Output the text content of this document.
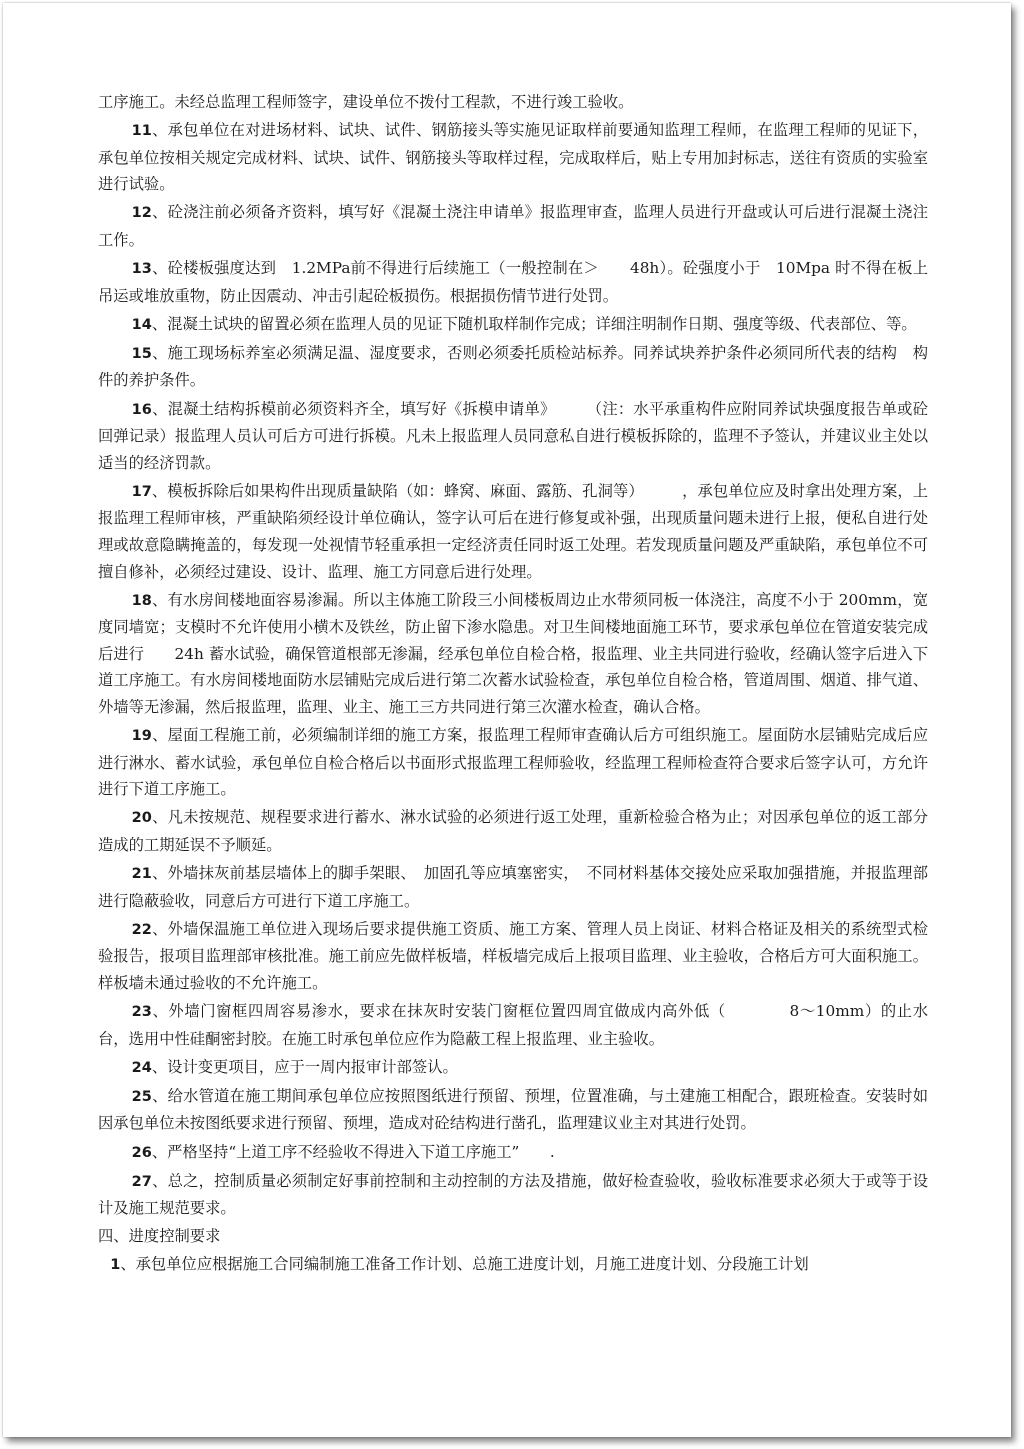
工序施工。未经总监理工程师签字，建设单位不拨付工程款，不进行竣工验收。

11、承包单位在对进场材料、试块、试件、钢筋接头等实施见证取样前要通知监理工程师，在监理工程师的见证下，承包单位按相关规定完成材料、试块、试件、钢筋接头等取样过程，完成取样后，贴上专用加封标志，送往有资质的实验室进行试验。

12、砼浇注前必须备齐资料，填写好《混凝土浇注申请单》报监理审查，监理人员进行开盘或认可后进行混凝土浇注工作。

13、砼楼板强度达到　1.2MPa前不得进行后续施工（一般控制在＞　　48h）。砼强度小于　10Mpa 时不得在板上吊运或堆放重物，防止因震动、冲击引起砼板损伤。根据损伤情节进行处罚。

14、混凝土试块的留置必须在监理人员的见证下随机取样制作完成；详细注明制作日期、强度等级、代表部位、等。

15、施工现场标养室必须满足温、湿度要求，否则必须委托质检站标养。同养试块养护条件必须同所代表的结构　构件的养护条件。

16、混凝土结构拆模前必须资料齐全，填写好《拆模申请单》　　　（注：水平承重构件应附同养试块强度报告单或砼回弹记录）报监理人员认可后方可进行拆模。凡未上报监理人员同意私自进行模板拆除的，监理不予签认，并建议业主处以适当的经济罚款。

17、模板拆除后如果构件出现质量缺陷（如：蜂窝、麻面、露筋、孔洞等）　　　，承包单位应及时拿出处理方案，上报监理工程师审核，严重缺陷须经设计单位确认，签字认可后在进行修复或补强，出现质量问题未进行上报，便私自进行处理或故意隐瞒掩盖的，每发现一处视情节轻重承担一定经济责任同时返工处理。若发现质量问题及严重缺陷，承包单位不可擅自修补，必须经过建设、设计、监理、施工方同意后进行处理。

18、有水房间楼地面容易渗漏。所以主体施工阶段三小间楼板周边止水带须同板一体浇注，高度不小于 200mm，宽度同墙宽；支模时不允许使用小横木及铁丝，防止留下渗水隐患。对卫生间楼地面施工环节，要求承包单位在管道安装完成后进行　　24h 蓄水试验，确保管道根部无渗漏，经承包单位自检合格，报监理、业主共同进行验收，经确认签字后进入下道工序施工。有水房间楼地面防水层铺贴完成后进行第二次蓄水试验检查，承包单位自检合格，管道周围、烟道、排气道、外墙等无渗漏，然后报监理，监理、业主、施工三方共同进行第三次灌水检查，确认合格。

19、屋面工程施工前，必须编制详细的施工方案，报监理工程师审查确认后方可组织施工。屋面防水层铺贴完成后应进行淋水、蓄水试验，承包单位自检合格后以书面形式报监理工程师验收，经监理工程师检查符合要求后签字认可，方允许进行下道工序施工。

20、凡未按规范、规程要求进行蓄水、淋水试验的必须进行返工处理，重新检验合格为止；对因承包单位的返工部分造成的工期延误不予顺延。

21、外墙抹灰前基层墙体上的脚手架眼、　加固孔等应填塞密实，　不同材料基体交接处应采取加强措施，并报监理部进行隐蔽验收，同意后方可进行下道工序施工。

22、外墙保温施工单位进入现场后要求提供施工资质、施工方案、管理人员上岗证、材料合格证及相关的系统型式检验报告，报项目监理部审核批准。施工前应先做样板墙，样板墙完成后上报项目监理、业主验收，合格后方可大面积施工。样板墙未通过验收的不允许施工。

23、外墙门窗框四周容易渗水，要求在抹灰时安装门窗框位置四周宜做成内高外低（　　　　8～10mm）的止水台，选用中性硅酮密封胶。在施工时承包单位应作为隐蔽工程上报监理、业主验收。

24、设计变更项目，应于一周内报审计部签认。

25、给水管道在施工期间承包单位应按照图纸进行预留、预埋，位置准确，与土建施工相配合，跟班检查。安装时如因承包单位未按图纸要求进行预留、预埋，造成对砼结构进行凿孔，监理建议业主对其进行处罚。

26、严格坚持“上道工序不经验收不得进入下道工序施工”　　.

27、总之，控制质量必须制定好事前控制和主动控制的方法及措施，做好检查验收，验收标准要求必须大于或等于设计及施工规范要求。

四、进度控制要求

1、承包单位应根据施工合同编制施工准备工作计划、总施工进度计划，月施工进度计划、分段施工计划
